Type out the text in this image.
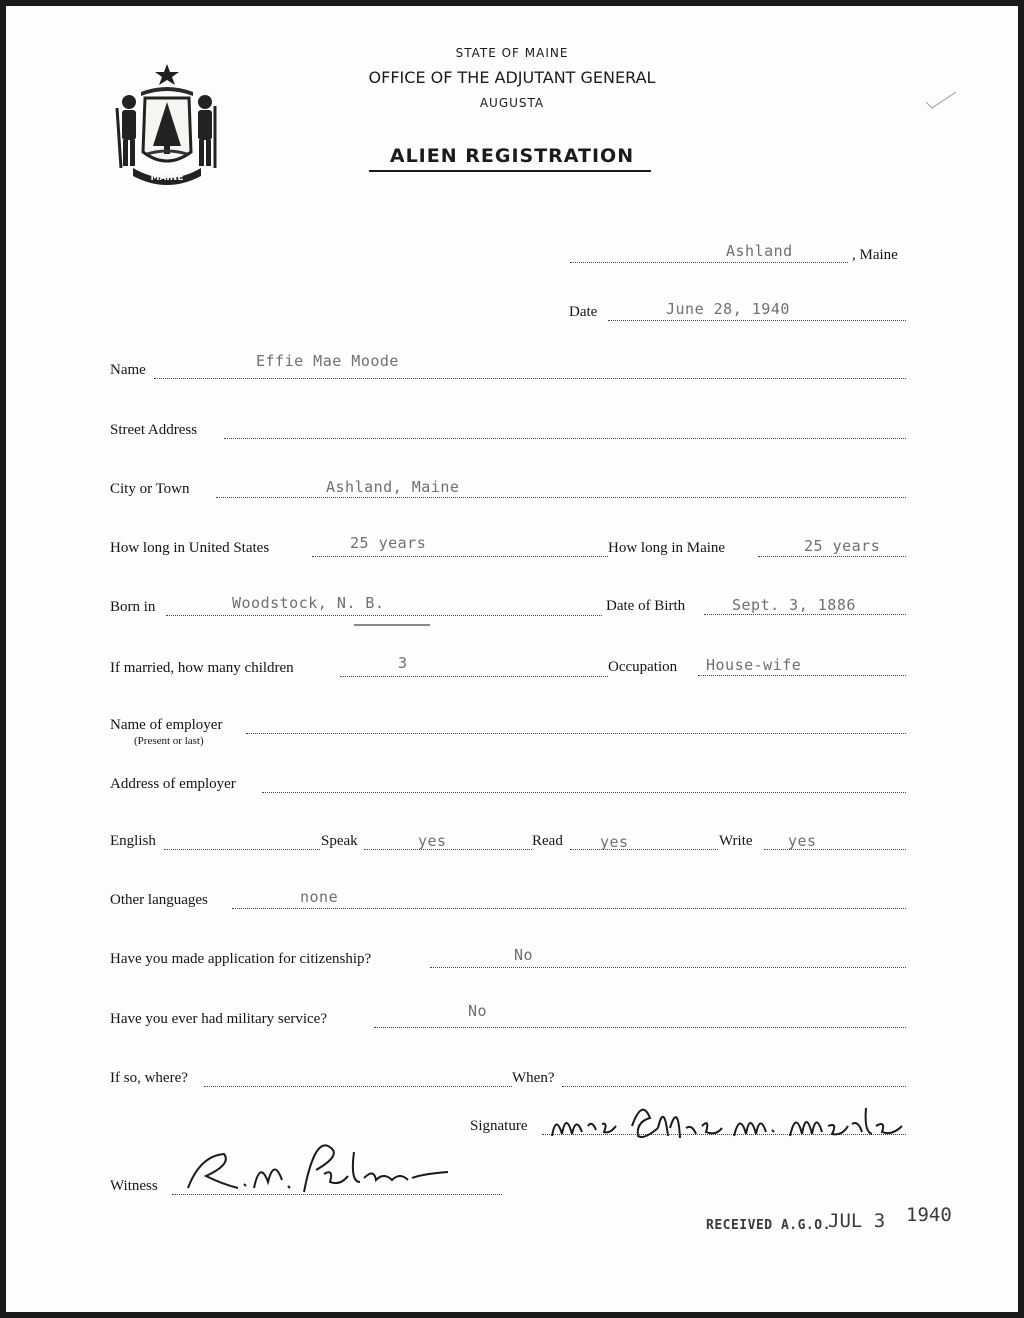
MAINE
STATE OF MAINE
OFFICE OF THE ADJUTANT GENERAL
AUGUSTA
ALIEN REGISTRATION
Ashland	, Maine
Date	June 28, 1940
Name	Effie Mae Moode
Street Address
City or Town	Ashland, Maine
How long in United States	25 years	How long in Maine	25 years
Born in	Woodstock, N. B.	Date of Birth	Sept. 3, 1886
If married, how many children	3	Occupation House-wife
Name of employer
(Present or last)
Address of employer
English	Speak	yes	Read yes	Write yes
Other languages	none
Have you made application for citizenship?	No
Have you ever had military service?	No
If so, where?	When?
Signature
Mrs Effie M. Moode
Witness
R. W. Palmer
RECEIVED A.G.O.
JUL 3 1940
